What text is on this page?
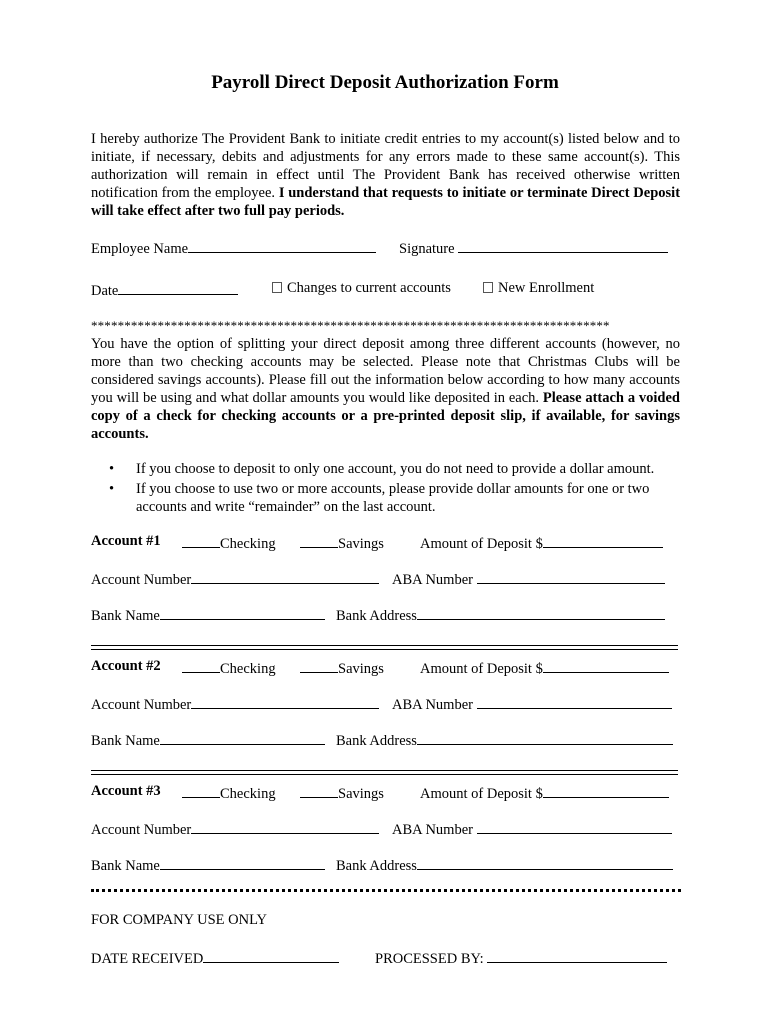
Payroll Direct Deposit Authorization Form
I hereby authorize The Provident Bank to initiate credit entries to my account(s) listed below and to initiate, if necessary, debits and adjustments for any errors made to these same account(s). This authorization will remain in effect until The Provident Bank has received otherwise written notification from the employee. I understand that requests to initiate or terminate Direct Deposit will take effect after two full pay periods.
Employee Name	Signature
Date	Changes to current accounts	New Enrollment
******************************************************************************
You have the option of splitting your direct deposit among three different accounts (however, no more than two checking accounts may be selected. Please note that Christmas Clubs will be considered savings accounts). Please fill out the information below according to how many accounts you will be using and what dollar amounts you would like deposited in each. Please attach a voided copy of a check for checking accounts or a pre-printed deposit slip, if available, for savings accounts.
• If you choose to deposit to only one account, you do not need to provide a dollar amount.
• If you choose to use two or more accounts, please provide dollar amounts for one or two accounts and write “remainder” on the last account.
Account #1	Checking	Savings Amount of Deposit $
Account Number	ABA Number
Bank Name	Bank Address
Account #2	Checking	Savings Amount of Deposit $
Account Number	ABA Number
Bank Name	Bank Address
Account #3	Checking	Savings Amount of Deposit $
Account Number	ABA Number
Bank Name	Bank Address
FOR COMPANY USE ONLY
DATE RECEIVED	PROCESSED BY:
